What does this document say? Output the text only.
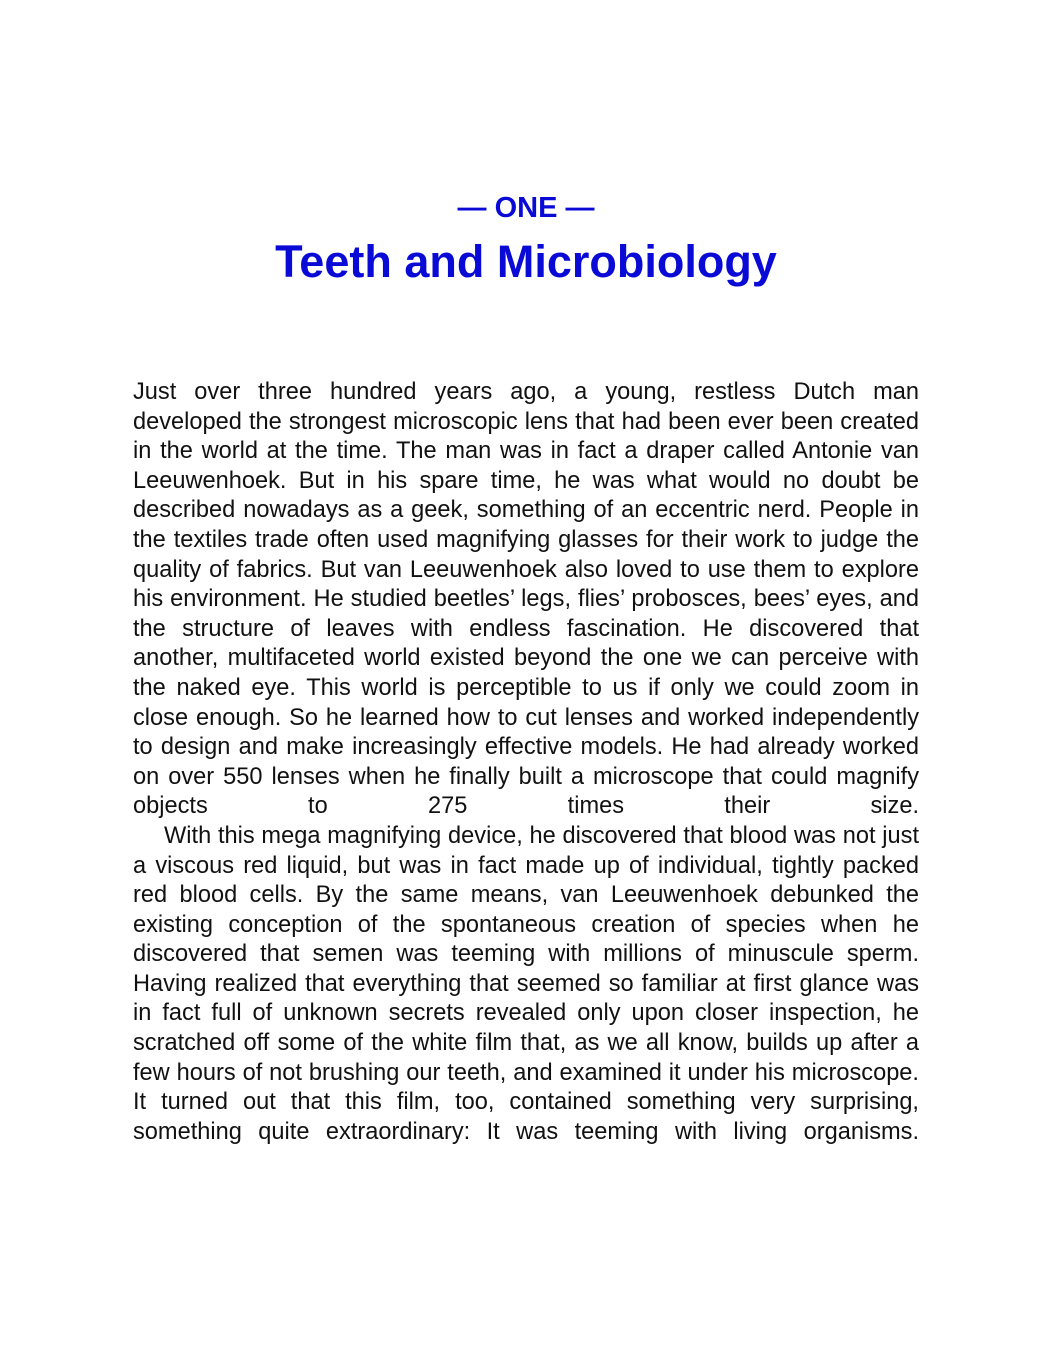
— ONE —
Teeth and Microbiology

Just over three hundred years ago, a young, restless Dutch man developed the strongest microscopic lens that had been ever been created in the world at the time. The man was in fact a draper called Antonie van Leeuwenhoek. But in his spare time, he was what would no doubt be described nowadays as a geek, something of an eccentric nerd. People in the textiles trade often used magnifying glasses for their work to judge the quality of fabrics. But van Leeuwenhoek also loved to use them to explore his environment. He studied beetles’ legs, flies’ probosces, bees’ eyes, and the structure of leaves with endless fascination. He discovered that another, multifaceted world existed beyond the one we can perceive with the naked eye. This world is perceptible to us if only we could zoom in close enough. So he learned how to cut lenses and worked independently to design and make increasingly effective models. He had already worked on over 550 lenses when he finally built a microscope that could magnify objects to 275 times their size.

With this mega magnifying device, he discovered that blood was not just a viscous red liquid, but was in fact made up of individual, tightly packed red blood cells. By the same means, van Leeuwenhoek debunked the existing conception of the spontaneous creation of species when he discovered that semen was teeming with millions of minuscule sperm. Having realized that everything that seemed so familiar at first glance was in fact full of unknown secrets revealed only upon closer inspection, he scratched off some of the white film that, as we all know, builds up after a few hours of not brushing our teeth, and examined it under his microscope. It turned out that this film, too, contained something very surprising, something quite extraordinary: It was teeming with living organisms.
